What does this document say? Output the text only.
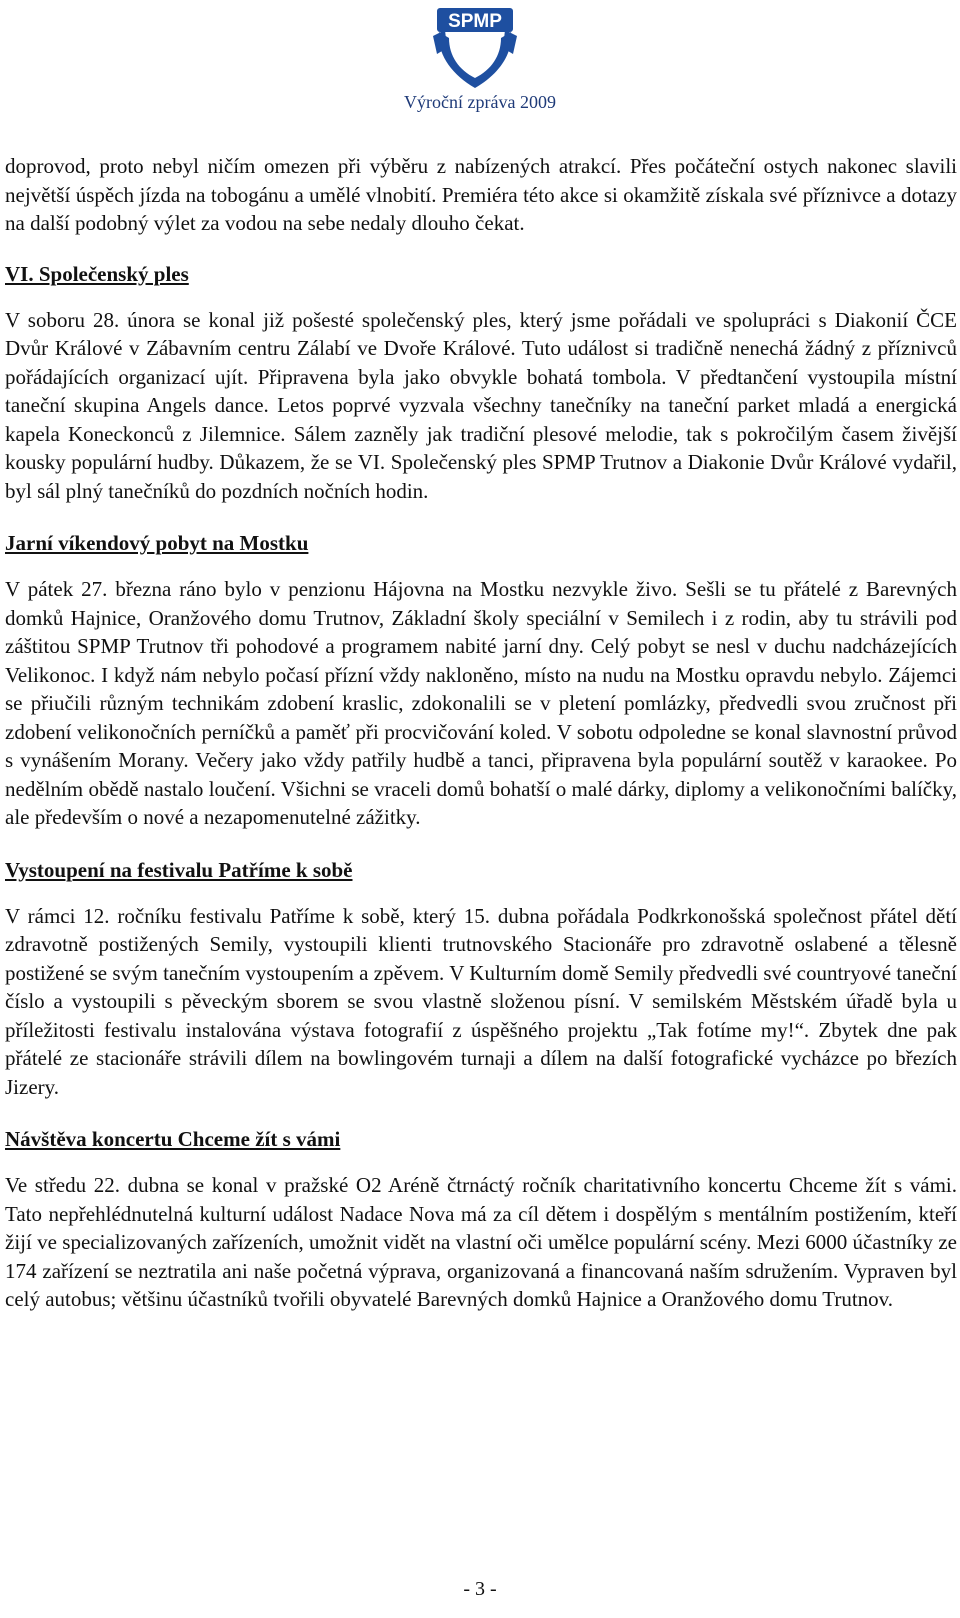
SPMP
Výroční zpráva 2009

doprovod, proto nebyl ničím omezen při výběru z nabízených atrakcí. Přes počáteční ostych nakonec slavili největší úspěch jízda na tobogánu a umělé vlnobití. Premiéra této akce si okamžitě získala své příznivce a dotazy na další podobný výlet za vodou na sebe nedaly dlouho čekat.

VI. Společenský ples

V soboru 28. února se konal již pošesté společenský ples, který jsme pořádali ve spolupráci s Diakonií ČCE Dvůr Králové v Zábavním centru Zálabí ve Dvoře Králové. Tuto událost si tradičně nenechá žádný z příznivců pořádajících organizací ujít. Připravena byla jako obvykle bohatá tombola. V předtančení vystoupila místní taneční skupina Angels dance. Letos poprvé vyzvala všechny tanečníky na taneční parket mladá a energická kapela Koneckonců z Jilemnice. Sálem zazněly jak tradiční plesové melodie, tak s pokročilým časem živější kousky populární hudby. Důkazem, že se VI. Společenský ples SPMP Trutnov a Diakonie Dvůr Králové vydařil, byl sál plný tanečníků do pozdních nočních hodin.

Jarní víkendový pobyt na Mostku

V pátek 27. března ráno bylo v penzionu Hájovna na Mostku nezvykle živo. Sešli se tu přátelé z Barevných domků Hajnice, Oranžového domu Trutnov, Základní školy speciální v Semilech i z rodin, aby tu strávili pod záštitou SPMP Trutnov tři pohodové a programem nabité jarní dny. Celý pobyt se nesl v duchu nadcházejících Velikonoc. I když nám nebylo počasí přízní vždy nakloněno, místo na nudu na Mostku opravdu nebylo. Zájemci se přiučili různým technikám zdobení kraslic, zdokonalili se v pletení pomlázky, předvedli svou zručnost při zdobení velikonočních perníčků a paměť při procvičování koled. V sobotu odpoledne se konal slavnostní průvod s vynášením Morany. Večery jako vždy patřily hudbě a tanci, připravena byla populární soutěž v karaokee. Po nedělním obědě nastalo loučení. Všichni se vraceli domů bohatší o malé dárky, diplomy a velikonočními balíčky, ale především o nové a nezapomenutelné zážitky.

Vystoupení na festivalu Patříme k sobě

V rámci 12. ročníku festivalu Patříme k sobě, který 15. dubna pořádala Podkrkonošská společnost přátel dětí zdravotně postižených Semily, vystoupili klienti trutnovského Stacionáře pro zdravotně oslabené a tělesně postižené se svým tanečním vystoupením a zpěvem. V Kulturním domě Semily předvedli své countryové taneční číslo a vystoupili s pěveckým sborem se svou vlastně složenou písní. V semilském Městském úřadě byla u příležitosti festivalu instalována výstava fotografií z úspěšného projektu „Tak fotíme my!“. Zbytek dne pak přátelé ze stacionáře strávili dílem na bowlingovém turnaji a dílem na další fotografické vycházce po březích Jizery.

Návštěva koncertu Chceme žít s vámi

Ve středu 22. dubna se konal v pražské O2 Aréně čtrnáctý ročník charitativního koncertu Chceme žít s vámi. Tato nepřehlédnutelná kulturní událost Nadace Nova má za cíl dětem i dospělým s mentálním postižením, kteří žijí ve specializovaných zařízeních, umožnit vidět na vlastní oči umělce populární scény. Mezi 6000 účastníky ze 174 zařízení se neztratila ani naše početná výprava, organizovaná a financovaná naším sdružením. Vypraven byl celý autobus; většinu účastníků tvořili obyvatelé Barevných domků Hajnice a Oranžového domu Trutnov.

- 3 -
